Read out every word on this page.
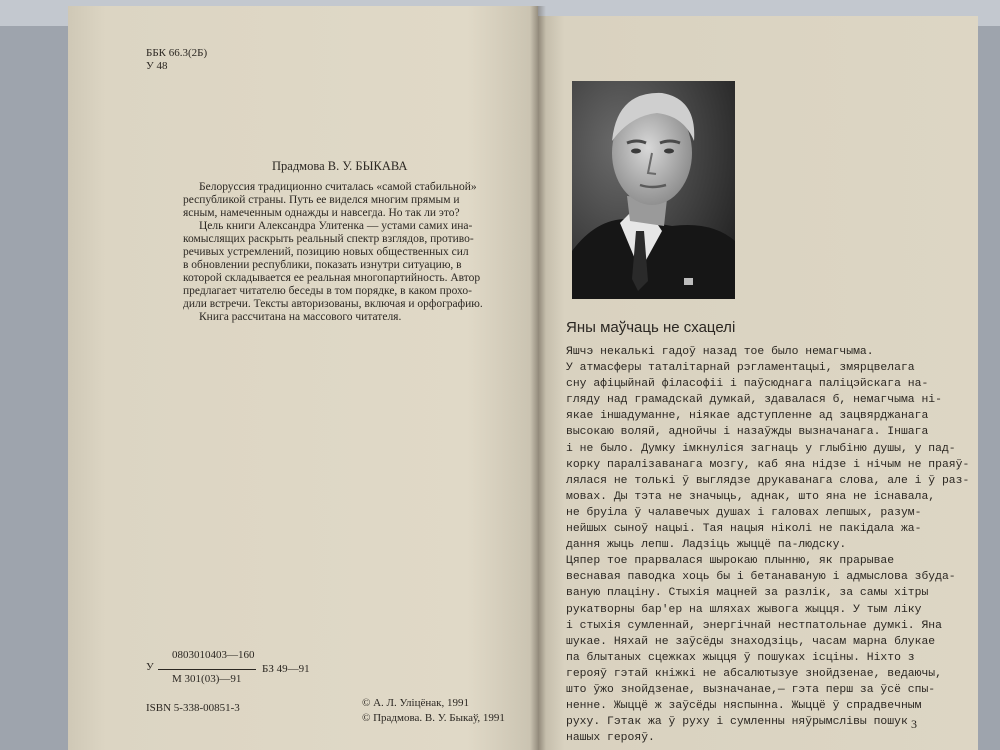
ББК 66.3(2Б)
У 48
Прадмова В. У. БЫКАВА
Белоруссия традиционно считалась «самой стабильной»
республикой страны. Путь ее виделся многим прямым и
ясным, намеченным однажды и навсегда. Но так ли это?
Цель книги Александра Улитенка — устами самих ина-
комыслящих раскрыть реальный спектр взглядов, противо-
речивых устремлений, позицию новых общественных сил
в обновлении республики, показать изнутри ситуацию, в
которой складывается ее реальная многопартийность. Автор
предлагает читателю беседы в том порядке, в каком прохо-
дили встречи. Тексты авторизованы, включая и орфографию.
Книга рассчитана на массового читателя.
У
0803010403—160
М 301(03)—91
БЗ 49—91
ISBN 5-338-00851-3	© А. Л. Уліцёнак, 1991
© Прадмова. В. У. Быкаў, 1991
Яны маўчаць не схацелі
Яшчэ некалькі гадоў назад тое было немагчыма.
У атмасферы таталітарнай рэгламентацыі, змярцвелага
сну афіцыйнай філасофіі і паўсюднага паліцэйскага на-
гляду над грамадскай думкай, здавалася б, немагчыма ні-
якае іншадуманне, ніякае адступленне ад зацвярджанага
высокаю воляй, аднойчы і назаўжды вызначанага. Іншага
і не было. Думку імкнуліся загнаць у глыбіню душы, у пад-
корку паралізаванага мозгу, каб яна нідзе і нічым не праяў-
лялася не толькі ў выглядзе друкаванага слова, але і ў раз-
мовах. Ды тэта не значыць, аднак, што яна не існавала,
не бруіла ў чалавечых душах і галовах лепшых, разум-
нейшых сыноў нацыі. Тая нацыя ніколі не пакідала жа-
дання жыць лепш. Ладзіць жыццё па-людску.
Цяпер тое прарвалася шырокаю плынню, як прарывае
веснавая паводка хоць бы і бетанаваную і адмыслова збуда-
ваную плаціну. Стыхія мацней за разлік, за самы хітры
рукатворны бар'ер на шляхах жывога жыцця. У тым ліку
і стыхія сумленнай, энергічнай нестпатольнае думкі. Яна
шукае. Няхай не заўсёды знаходзіць, часам марна блукае
па блытаных сцежках жыцця ў пошуках ісціны. Ніхто з
герояў гэтай кніжкі не абсалютызуе знойдзенае, ведаючы,
што ўжо знойдзенае, вызначанае,— гэта перш за ўсё спы-
ненне. Жыццё ж заўсёды няспынна. Жыццё ў спрадвечным
руху. Гэтак жа ў руху і сумленны няўрымслівы пошук
нашых герояў.
3
